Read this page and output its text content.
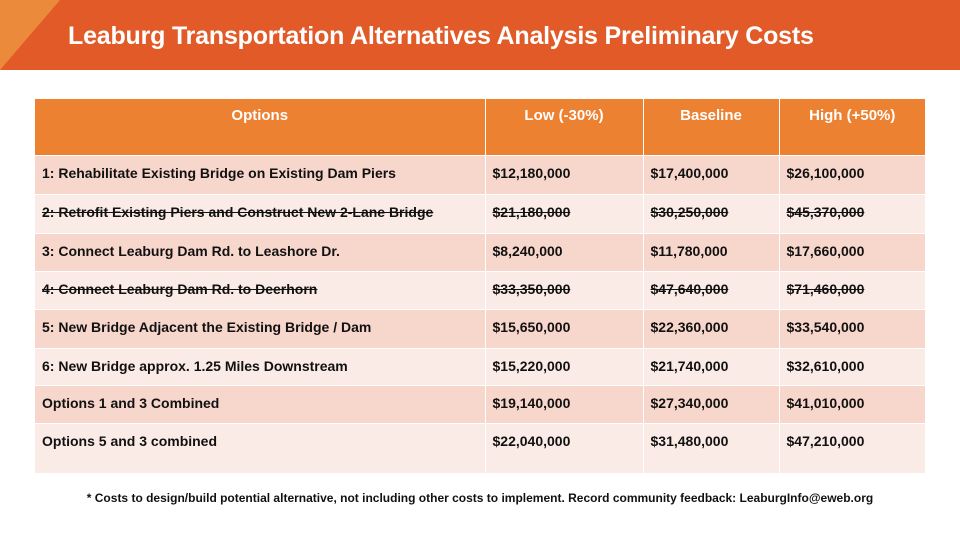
Leaburg Transportation Alternatives Analysis Preliminary Costs
Options	Low (-30%)	Baseline	High (+50%)
1: Rehabilitate Existing Bridge on Existing Dam Piers	$12,180,000	$17,400,000	$26,100,000
2: Retrofit Existing Piers and Construct New 2-Lane Bridge	$21,180,000	$30,250,000	$45,370,000
3: Connect Leaburg Dam Rd. to Leashore Dr.	$8,240,000	$11,780,000	$17,660,000
4: Connect Leaburg Dam Rd. to Deerhorn	$33,350,000	$47,640,000	$71,460,000
5: New Bridge Adjacent the Existing Bridge / Dam	$15,650,000	$22,360,000	$33,540,000
6: New Bridge approx. 1.25 Miles Downstream	$15,220,000	$21,740,000	$32,610,000
Options 1 and 3 Combined	$19,140,000	$27,340,000	$41,010,000
Options 5 and 3 combined	$22,040,000	$31,480,000	$47,210,000
* Costs to design/build potential alternative, not including other costs to implement. Record community feedback: LeaburgInfo@eweb.org
